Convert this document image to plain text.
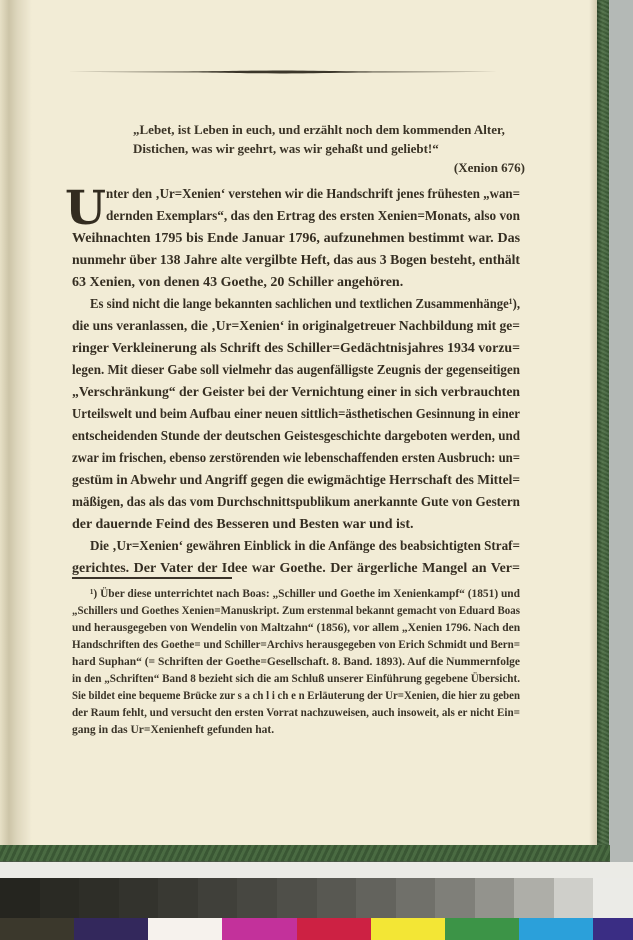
„Lebet, ist Leben in euch, und erzählt noch dem kommenden Alter,
Distichen, was wir geehrt, was wir gehaßt und geliebt!“
(Xenion 676)
U nter den ‚Ur=Xenien‘ verstehen wir die Handschrift jenes frühesten „wan=
dernden Exemplars“, das den Ertrag des ersten Xenien=Monats, also von
Weihnachten 1795 bis Ende Januar 1796, aufzunehmen bestimmt war. Das
nunmehr über 138 Jahre alte vergilbte Heft, das aus 3 Bogen besteht, enthält
63 Xenien, von denen 43 Goethe, 20 Schiller angehören.
Es sind nicht die lange bekannten sachlichen und textlichen Zusammenhänge¹),
die uns veranlassen, die ‚Ur=Xenien‘ in originalgetreuer Nachbildung mit ge=
ringer Verkleinerung als Schrift des Schiller=Gedächtnisjahres 1934 vorzu=
legen. Mit dieser Gabe soll vielmehr das augenfälligste Zeugnis der gegenseitigen
„Verschränkung“ der Geister bei der Vernichtung einer in sich verbrauchten
Urteilswelt und beim Aufbau einer neuen sittlich=ästhetischen Gesinnung in einer
entscheidenden Stunde der deutschen Geistesgeschichte dargeboten werden, und
zwar im frischen, ebenso zerstörenden wie lebenschaffenden ersten Ausbruch: un=
gestüm in Abwehr und Angriff gegen die ewigmächtige Herrschaft des Mittel=
mäßigen, das als das vom Durchschnittspublikum anerkannte Gute von Gestern
der dauernde Feind des Besseren und Besten war und ist.
Die ‚Ur=Xenien‘ gewähren Einblick in die Anfänge des beabsichtigten Straf=
gerichtes. Der Vater der Idee war Goethe. Der ärgerliche Mangel an Ver=
¹) Über diese unterrichtet nach Boas: „Schiller und Goethe im Xenienkampf“ (1851) und
„Schillers und Goethes Xenien=Manuskript. Zum erstenmal bekannt gemacht von Eduard Boas
und herausgegeben von Wendelin von Maltzahn“ (1856), vor allem „Xenien 1796. Nach den
Handschriften des Goethe= und Schiller=Archivs herausgegeben von Erich Schmidt und Bern=
hard Suphan“ (= Schriften der Goethe=Gesellschaft. 8. Band. 1893). Auf die Nummernfolge
in den „Schriften“ Band 8 bezieht sich die am Schluß unserer Einführung gegebene Übersicht.
Sie bildet eine bequeme Brücke zur s a ch l i ch e n Erläuterung der Ur=Xenien, die hier zu geben
der Raum fehlt, und versucht den ersten Vorrat nachzuweisen, auch insoweit, als er nicht Ein=
gang in das Ur=Xenienheft gefunden hat.
